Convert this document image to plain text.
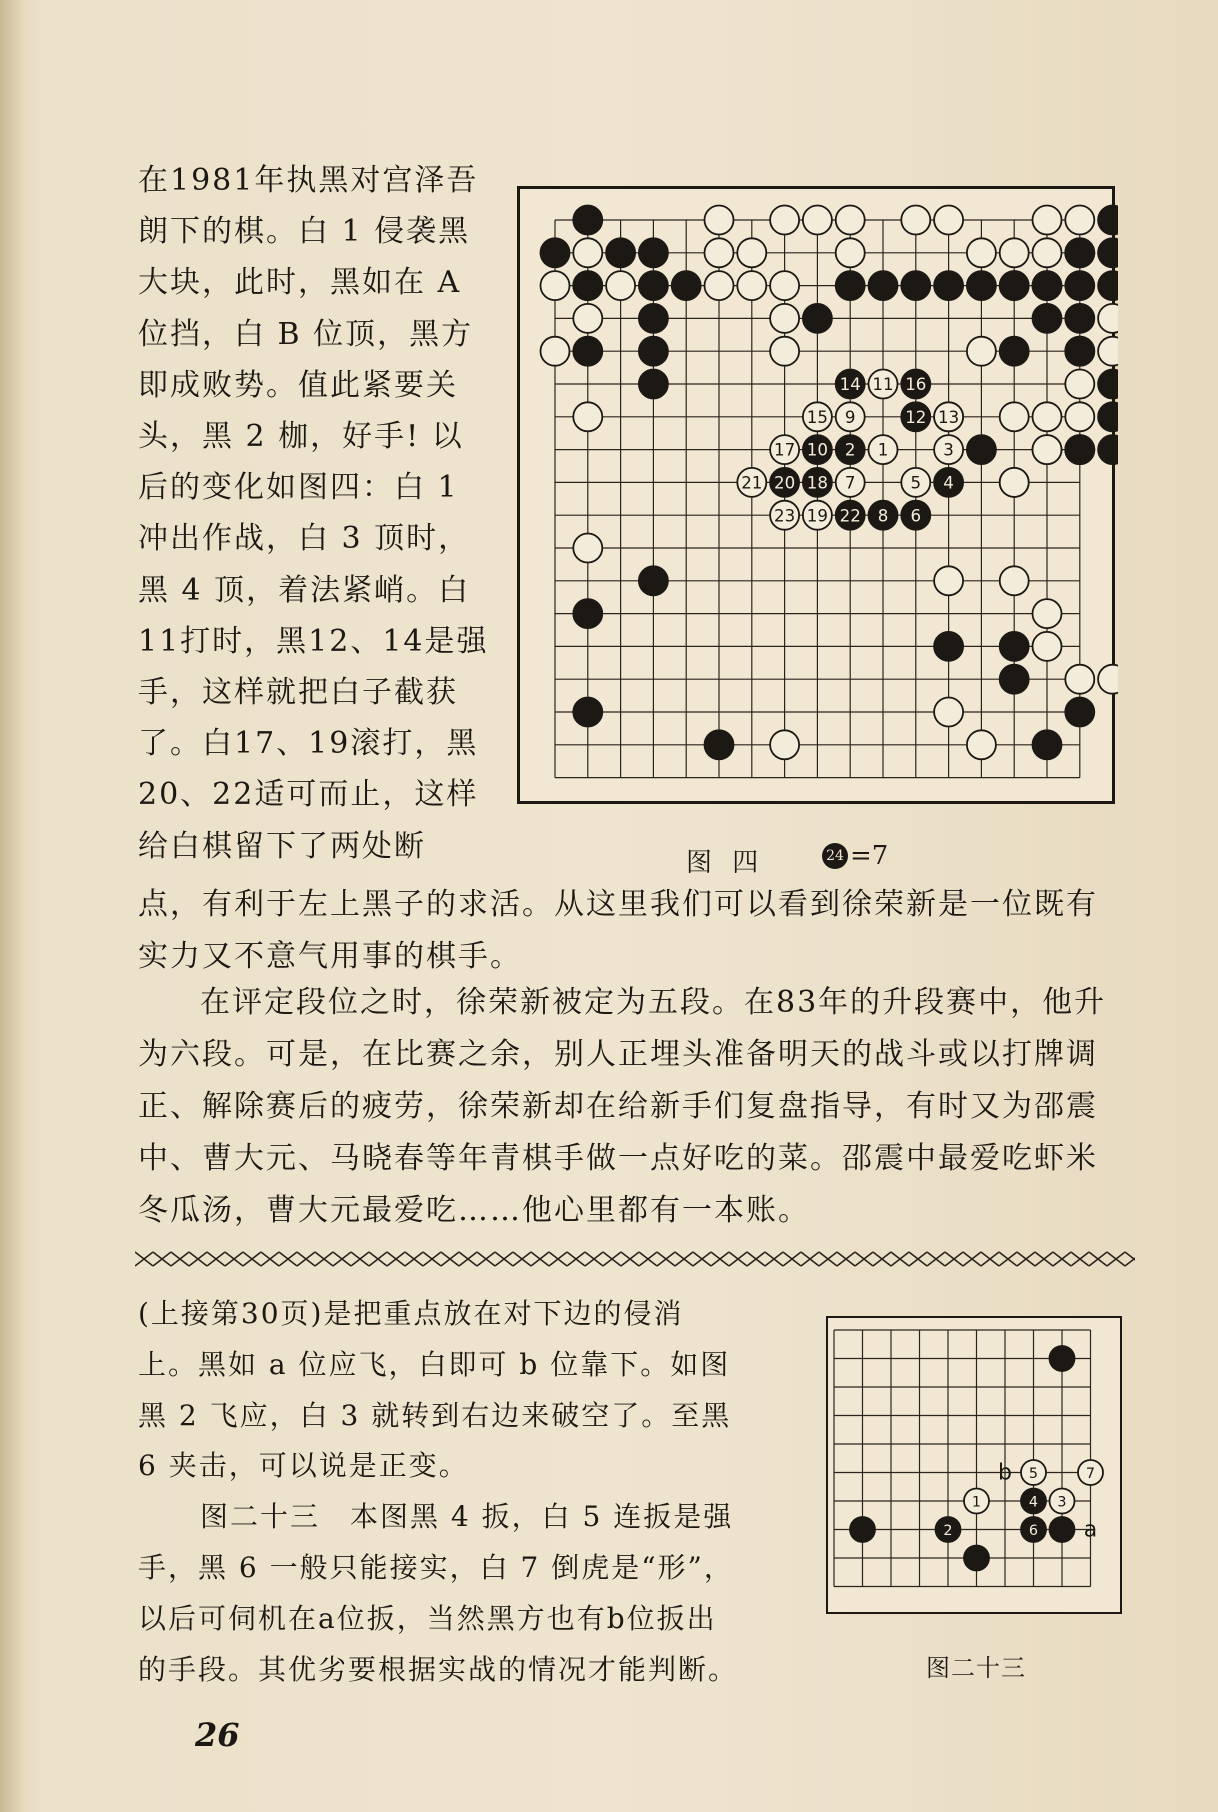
在1981年执黑对宫泽吾
朗下的棋。白 1 侵袭黑
大块，此时，黑如在 A
位挡，白 B 位顶，黑方
即成败势。值此紧要关
头，黑 2 枷，好手! 以
后的变化如图四：白 1
冲出作战，白 3 顶时，
黑 4 顶，着法紧峭。白
11打时，黑12、14是强
手，这样就把白子截获
了。白17、19滚打，黑
20、22适可而止，这样
给白棋留下了两处断
14 11 16
15 9	12 13
17 10 2 1	3
21 20 18 7	5 4
23 19 22 8 6
图 四	24 =7
点，有利于左上黑子的求活。从这里我们可以看到徐荣新是一位既有
实力又不意气用事的棋手。
在评定段位之时，徐荣新被定为五段。在83年的升段赛中，他升
为六段。可是，在比赛之余，别人正埋头准备明天的战斗或以打牌调
正、解除赛后的疲劳，徐荣新却在给新手们复盘指导，有时又为邵震
中、曹大元、马晓春等年青棋手做一点好吃的菜。邵震中最爱吃虾米
冬瓜汤，曹大元最爱吃……他心里都有一本账。
(上接第30页)是把重点放在对下边的侵消
上。黑如 a 位应飞，白即可 b 位靠下。如图
黑 2 飞应，白 3 就转到右边来破空了。至黑
6 夹击，可以说是正变。
图二十三　本图黑 4 扳，白 5 连扳是强
手，黑 6 一般只能接实，白 7 倒虎是“形”，
以后可伺机在a位扳，当然黑方也有b位扳出
的手段。其优劣要根据实战的情况才能判断。
1
2
3
4
5
6
7
b
a
图二十三
26
